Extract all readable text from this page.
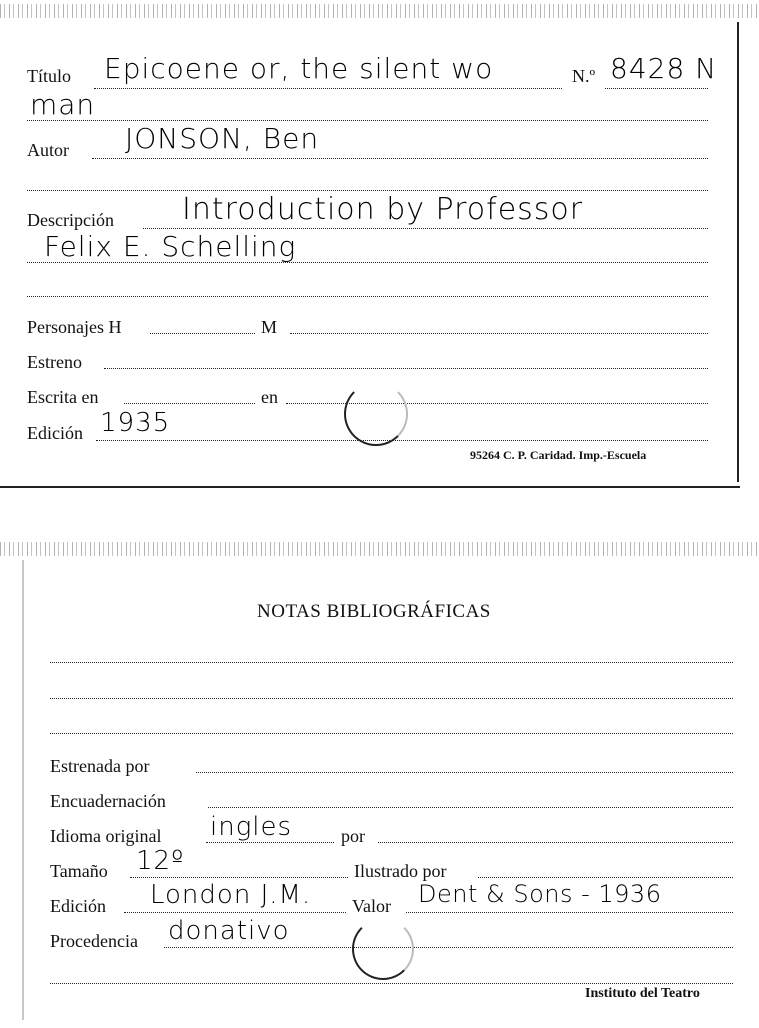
Título Epicoene or, the silent wo	N.º 8428 N
man
Autor JONSON, Ben
Descripción Introduction by Professor
Felix E. Schelling
Personajes H	M
Estreno
Escrita en	en
Edición 1935
95264 C. P. Caridad. Imp.-Escuela
NOTAS BIBLIOGRÁFICAS
Estrenada por
Encuadernación
Idioma original ingles	por
Tamaño 12º	Ilustrado por
Edición London J.M. Valor Dent & Sons - 1936
Procedencia donativo
Instituto del Teatro
